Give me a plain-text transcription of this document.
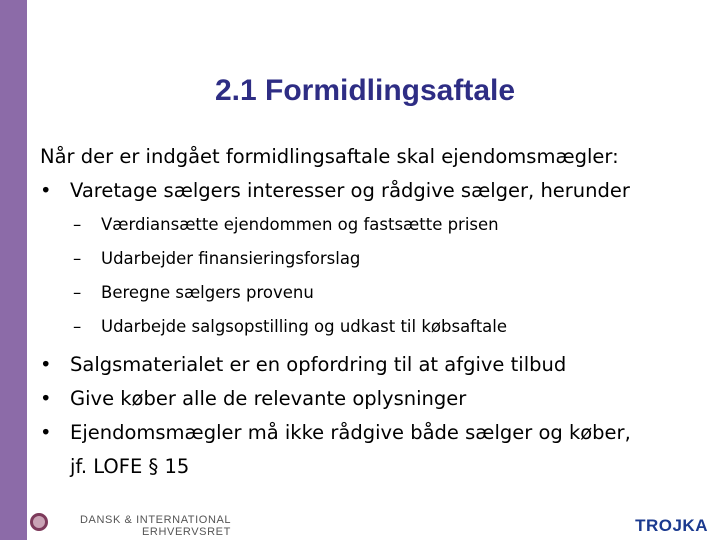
2.1 Formidlingsaftale
Når der er indgået formidlingsaftale skal ejendomsmægler:
• Varetage sælgers interesser og rådgive sælger, herunder
–	Værdiansætte ejendommen og fastsætte prisen
–	Udarbejder finansieringsforslag
–	Beregne sælgers provenu
–	Udarbejde salgsopstilling og udkast til købsaftale
• Salgsmaterialet er en opfordring til at afgive tilbud
• Give køber alle de relevante oplysninger
• Ejendomsmægler må ikke rådgive både sælger og køber,
jf. LOFE § 15
DANSK & INTERNATIONAL
ERHVERVSRET	TROJKA
